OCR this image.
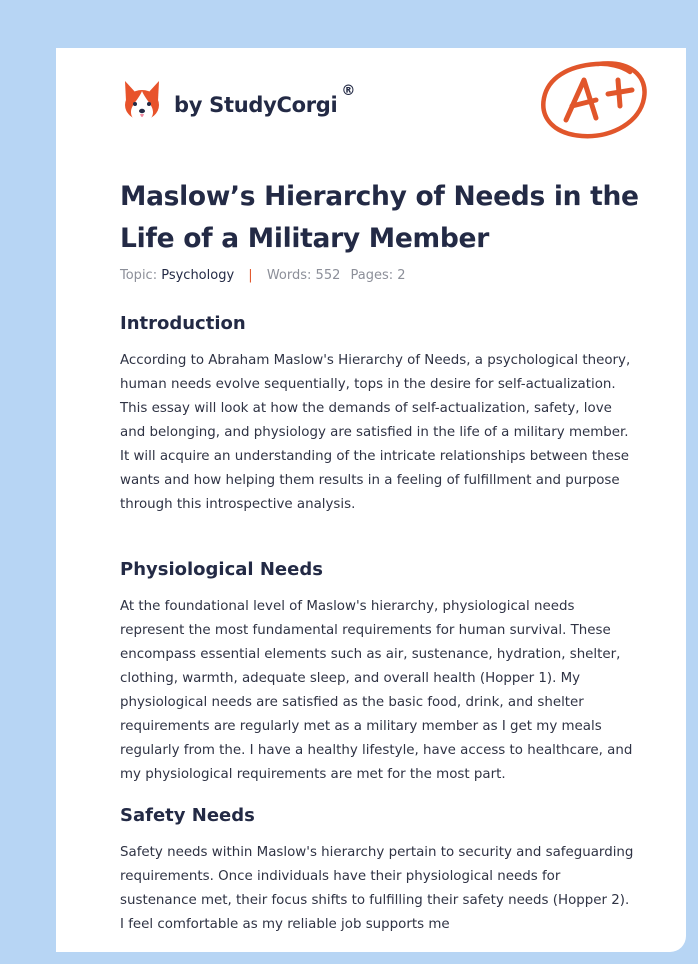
by StudyCorgi
®
Maslow’s Hierarchy of Needs in the Life of a Military Member
Topic: Psychology | Words: 552 Pages: 2
Introduction

According to Abraham Maslow's Hierarchy of Needs, a psychological theory, human needs evolve sequentially, tops in the desire for self-actualization. This essay will look at how the demands of self-actualization, safety, love and belonging, and physiology are satisfied in the life of a military member. It will acquire an understanding of the intricate relationships between these wants and how helping them results in a feeling of fulfillment and purpose through this introspective analysis.

Physiological Needs

At the foundational level of Maslow's hierarchy, physiological needs represent the most fundamental requirements for human survival. These encompass essential elements such as air, sustenance, hydration, shelter, clothing, warmth, adequate sleep, and overall health (Hopper 1). My physiological needs are satisfied as the basic food, drink, and shelter requirements are regularly met as a military member as I get my meals regularly from the. I have a healthy lifestyle, have access to healthcare, and my physiological requirements are met for the most part.

Safety Needs

Safety needs within Maslow's hierarchy pertain to security and safeguarding requirements. Once individuals have their physiological needs for sustenance met, their focus shifts to fulfilling their safety needs (Hopper 2). I feel comfortable as my reliable job supports me
